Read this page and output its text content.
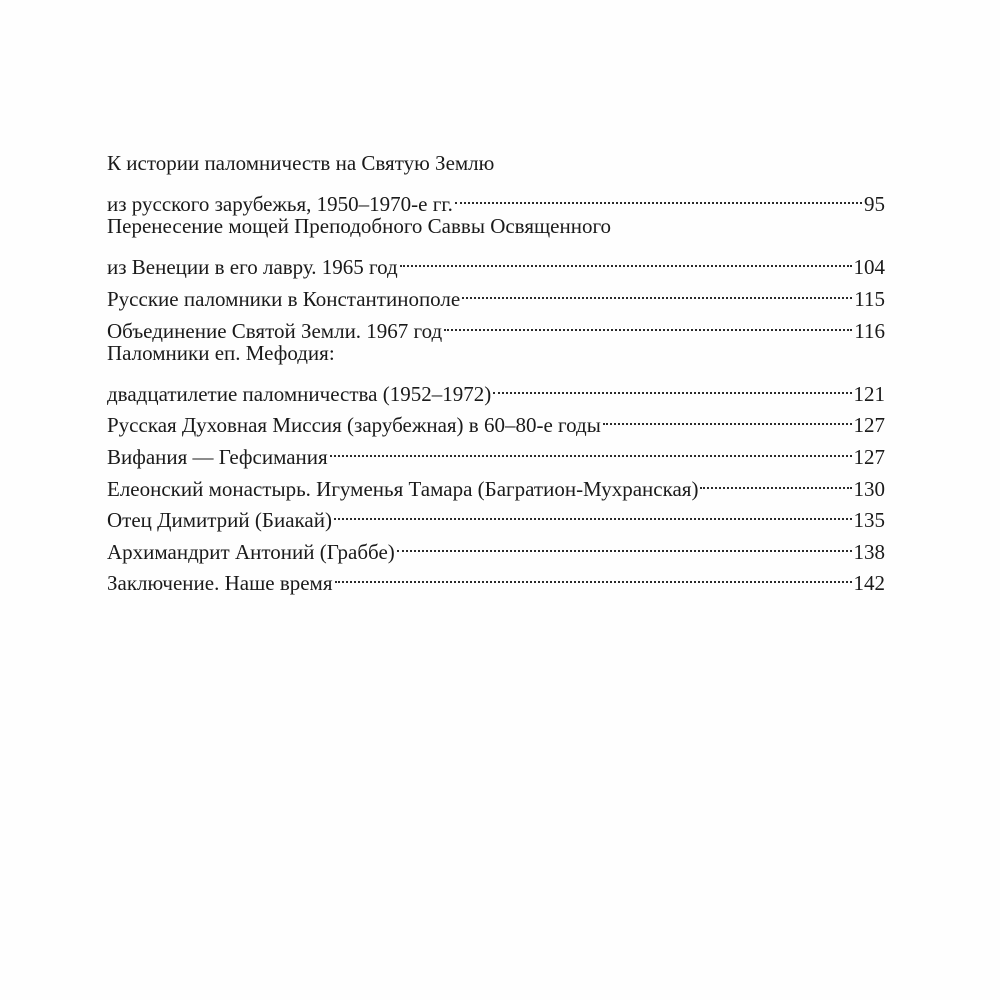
К истории паломничеств на Святую Землю
из русского зарубежья, 1950–1970-е гг.	95
Перенесение мощей Преподобного Саввы Освященного
из Венеции в его лавру. 1965 год	104
Русские паломники в Константинополе	115
Объединение Святой Земли. 1967 год	116
Паломники еп. Мефодия:
двадцатилетие паломничества (1952–1972)	121
Русская Духовная Миссия (зарубежная) в 60–80-е годы	127
Вифания — Гефсимания	127
Елеонский монастырь. Игуменья Тамара (Багратион-Мухранская)	130
Отец Димитрий (Биакай)	135
Архимандрит Антоний (Граббе)	138
Заключение. Наше время	142
